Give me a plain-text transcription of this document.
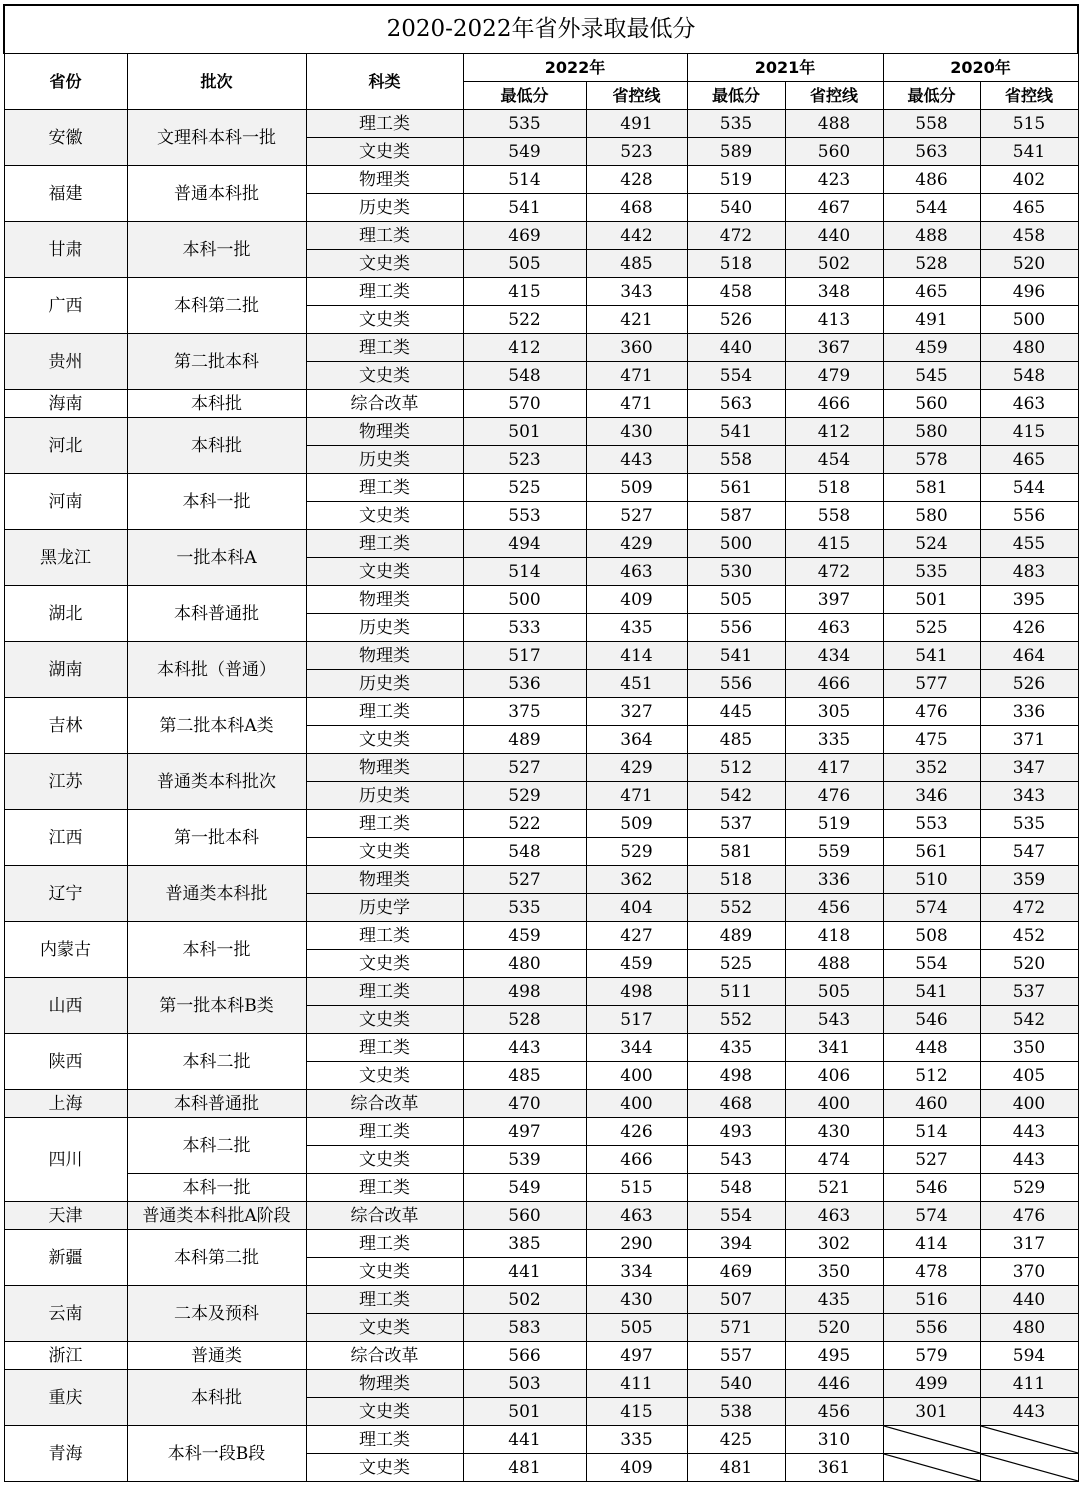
2020-2022年省外录取最低分								
省份	批次	科类	2022年		2021年		2020年	
			最低分	省控线	最低分	省控线	最低分	省控线
安徽	文理科本科一批	理工类	535	491	535	488	558	515
		文史类	549	523	589	560	563	541
福建	普通本科批	物理类	514	428	519	423	486	402
		历史类	541	468	540	467	544	465
甘肃	本科一批	理工类	469	442	472	440	488	458
		文史类	505	485	518	502	528	520
广西	本科第二批	理工类	415	343	458	348	465	496
		文史类	522	421	526	413	491	500
贵州	第二批本科	理工类	412	360	440	367	459	480
		文史类	548	471	554	479	545	548
海南	本科批	综合改革	570	471	563	466	560	463
河北	本科批	物理类	501	430	541	412	580	415
		历史类	523	443	558	454	578	465
河南	本科一批	理工类	525	509	561	518	581	544
		文史类	553	527	587	558	580	556
黑龙江	一批本科A	理工类	494	429	500	415	524	455
		文史类	514	463	530	472	535	483
湖北	本科普通批	物理类	500	409	505	397	501	395
		历史类	533	435	556	463	525	426
湖南	本科批（普通）	物理类	517	414	541	434	541	464
		历史类	536	451	556	466	577	526
吉林	第二批本科A类	理工类	375	327	445	305	476	336
		文史类	489	364	485	335	475	371
江苏	普通类本科批次	物理类	527	429	512	417	352	347
		历史类	529	471	542	476	346	343
江西	第一批本科	理工类	522	509	537	519	553	535
		文史类	548	529	581	559	561	547
辽宁	普通类本科批	物理类	527	362	518	336	510	359
		历史学	535	404	552	456	574	472
内蒙古	本科一批	理工类	459	427	489	418	508	452
		文史类	480	459	525	488	554	520
山西	第一批本科B类	理工类	498	498	511	505	541	537
		文史类	528	517	552	543	546	542
陕西	本科二批	理工类	443	344	435	341	448	350
		文史类	485	400	498	406	512	405
上海	本科普通批	综合改革	470	400	468	400	460	400
四川	本科二批	理工类	497	426	493	430	514	443
		文史类	539	466	543	474	527	443
	本科一批	理工类	549	515	548	521	546	529
天津	普通类本科批A阶段	综合改革	560	463	554	463	574	476
新疆	本科第二批	理工类	385	290	394	302	414	317
		文史类	441	334	469	350	478	370
云南	二本及预科	理工类	502	430	507	435	516	440
		文史类	583	505	571	520	556	480
浙江	普通类	综合改革	566	497	557	495	579	594
重庆	本科批	物理类	503	411	540	446	499	411
		文史类	501	415	538	456	301	443
青海	本科一段B段	理工类	441	335	425	310	

		文史类	481	409	481	361	
